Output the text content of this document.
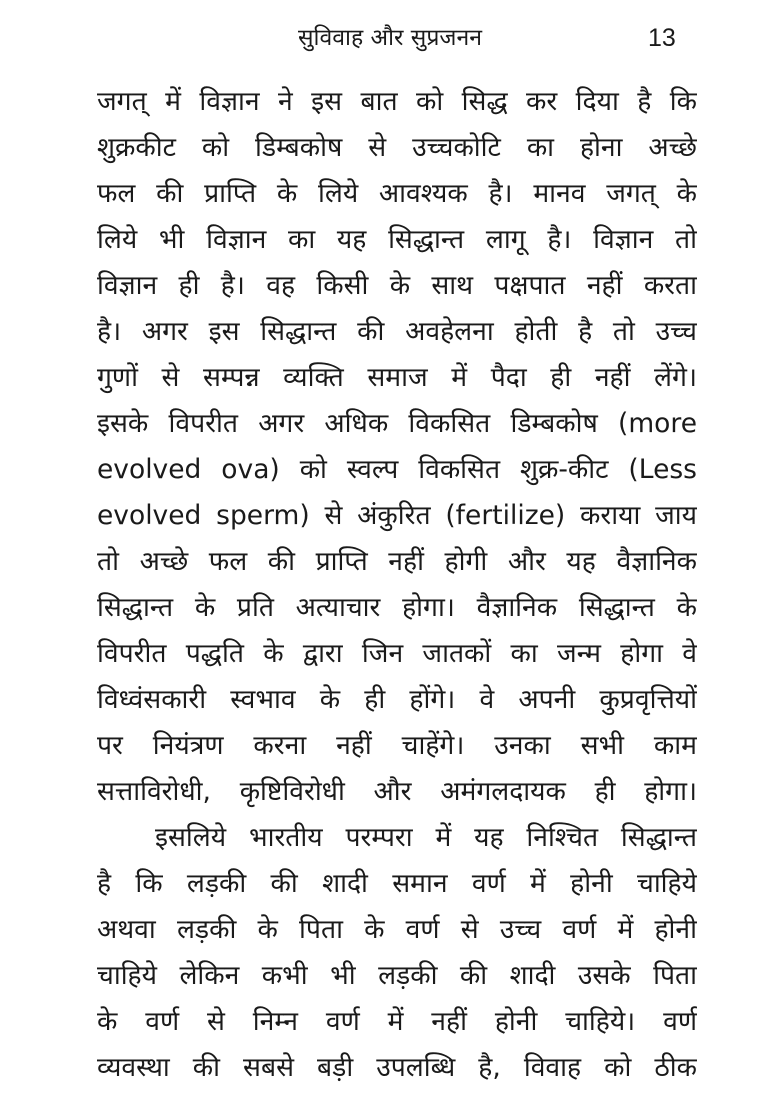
सुविवाह और सुप्रजनन	13
जगत् में विज्ञान ने इस बात को सिद्ध कर दिया है कि
शुक्रकीट को डिम्बकोष से उच्चकोटि का होना अच्छे
फल की प्राप्ति के लिये आवश्यक है। मानव जगत् के
लिये भी विज्ञान का यह सिद्धान्त लागू है। विज्ञान तो
विज्ञान ही है। वह किसी के साथ पक्षपात नहीं करता
है। अगर इस सिद्धान्त की अवहेलना होती है तो उच्च
गुणों से सम्पन्न व्यक्ति समाज में पैदा ही नहीं लेंगे।
इसके विपरीत अगर अधिक विकसित डिम्बकोष (more
evolved ova) को स्वल्प विकसित शुक्र-कीट (Less
evolved sperm) से अंकुरित (fertilize) कराया जाय
तो अच्छे फल की प्राप्ति नहीं होगी और यह वैज्ञानिक
सिद्धान्त के प्रति अत्याचार होगा। वैज्ञानिक सिद्धान्त के
विपरीत पद्धति के द्वारा जिन जातकों का जन्म होगा वे
विध्वंसकारी स्वभाव के ही होंगे। वे अपनी कुप्रवृत्तियों
पर नियंत्रण करना नहीं चाहेंगे। उनका सभी काम
सत्ताविरोधी, कृष्टिविरोधी और अमंगलदायक ही होगा।
इसलिये भारतीय परम्परा में यह निश्चित सिद्धान्त
है कि लड़की की शादी समान वर्ण में होनी चाहिये
अथवा लड़की के पिता के वर्ण से उच्च वर्ण में होनी
चाहिये लेकिन कभी भी लड़की की शादी उसके पिता
के वर्ण से निम्न वर्ण में नहीं होनी चाहिये। वर्ण
व्यवस्था की सबसे बड़ी उपलब्धि है, विवाह को ठीक
